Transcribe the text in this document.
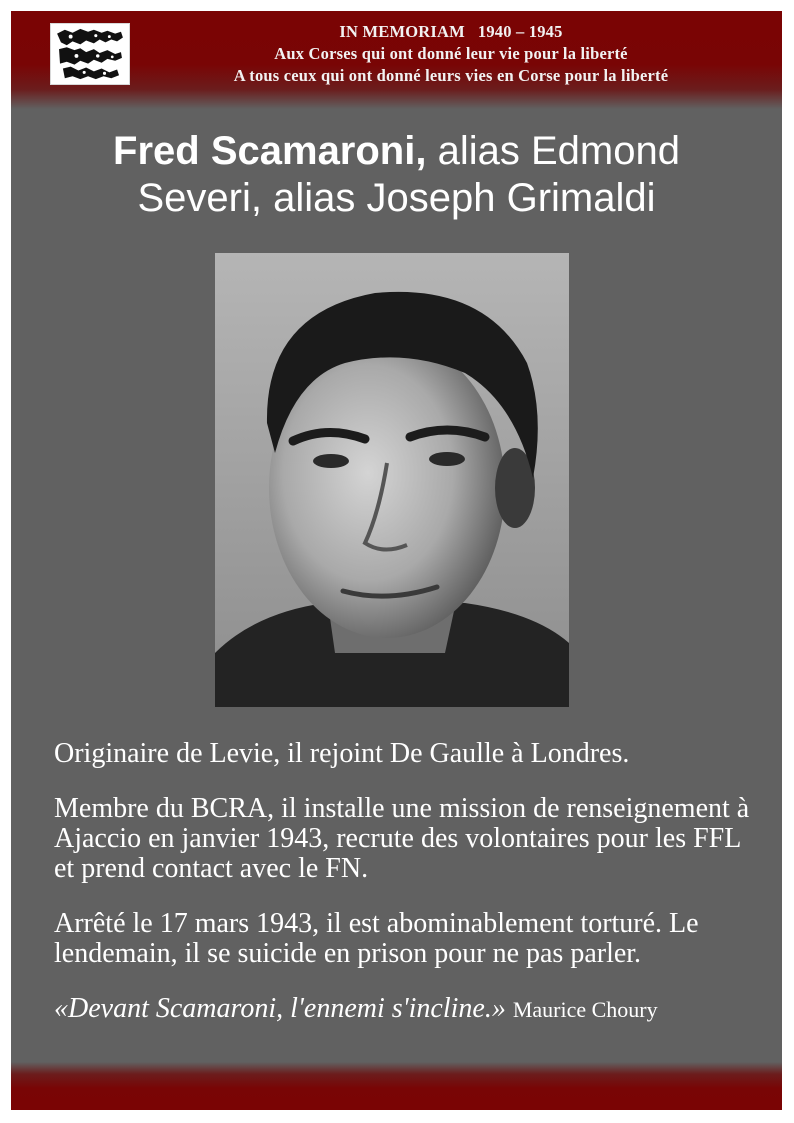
IN MEMORIAM   1940 – 1945
Aux Corses qui ont donné leur vie pour la liberté
A tous ceux qui ont donné leurs vies en Corse pour la liberté
Fred Scamaroni, alias Edmond
Severi, alias Joseph Grimaldi

Originaire de Levie, il rejoint De Gaulle à Londres.

Membre du BCRA, il installe une mission de renseignement à Ajaccio en janvier 1943, recrute des volontaires pour les FFL et prend contact avec le FN.

Arrêté le 17 mars 1943, il est abominablement torturé. Le lendemain, il se suicide en prison pour ne pas parler.

«Devant Scamaroni, l'ennemi s'incline.» Maurice Choury
